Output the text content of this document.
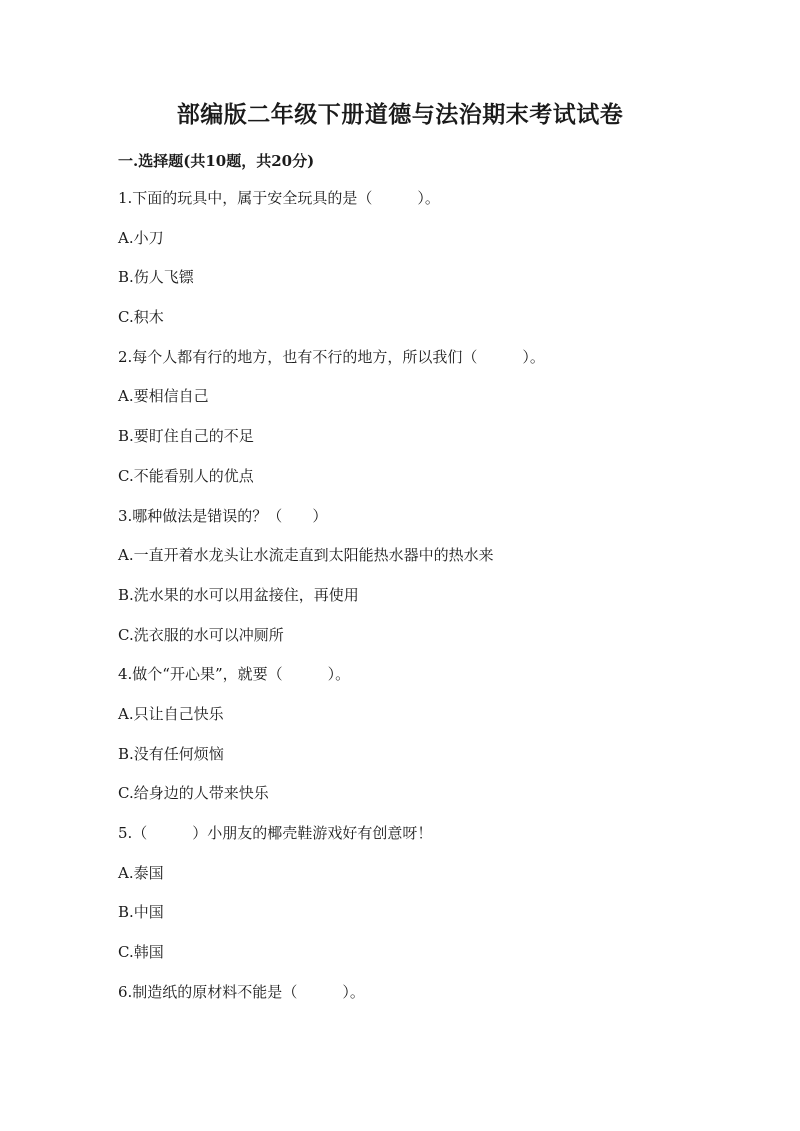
部编版二年级下册道德与法治期末考试试卷
一.选择题(共10题，共20分)
1.下面的玩具中，属于安全玩具的是（　　　）。
A.小刀
B.伤人飞镖
C.积木
2.每个人都有行的地方，也有不行的地方，所以我们（　　　）。
A.要相信自己
B.要盯住自己的不足
C.不能看别人的优点
3.哪种做法是错误的？（　　）
A.一直开着水龙头让水流走直到太阳能热水器中的热水来
B.洗水果的水可以用盆接住，再使用
C.洗衣服的水可以冲厕所
4.做个“开心果”，就要（　　　）。
A.只让自己快乐
B.没有任何烦恼
C.给身边的人带来快乐
5.（　　　）小朋友的椰壳鞋游戏好有创意呀！
A.泰国
B.中国
C.韩国
6.制造纸的原材料不能是（　　　）。
